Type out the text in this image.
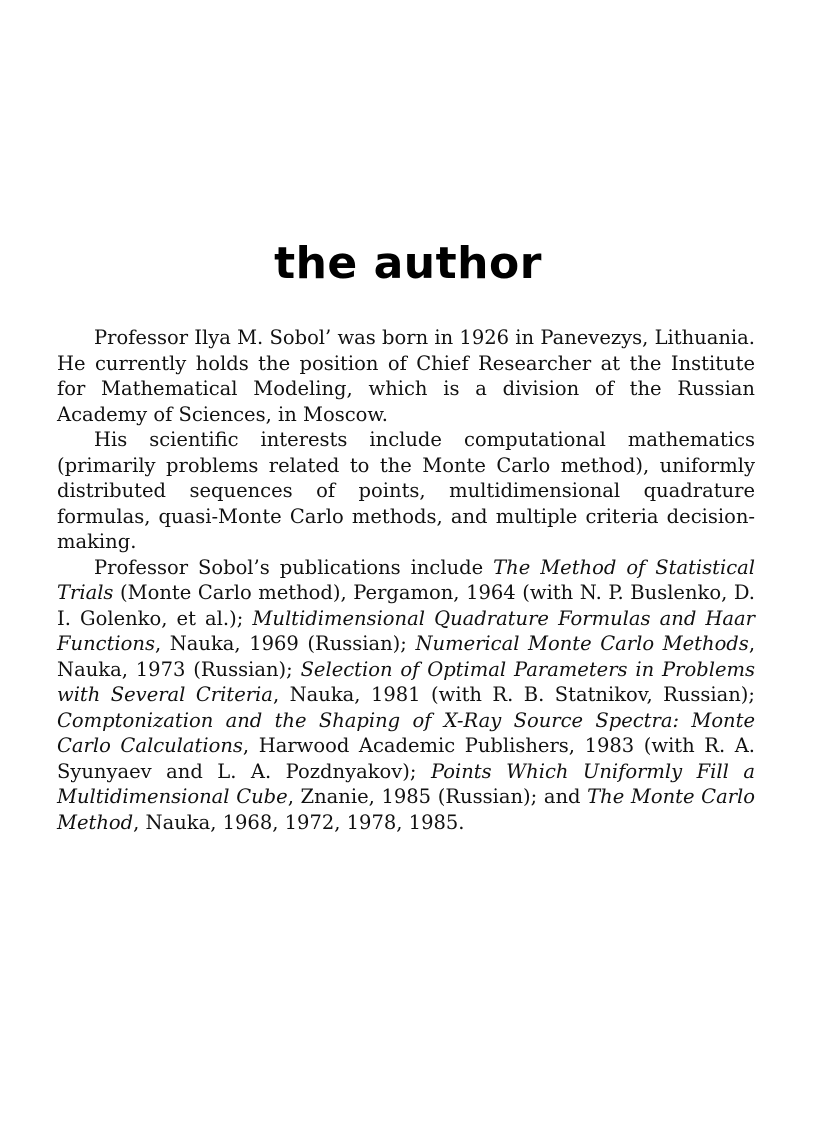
the author

Professor Ilya M. Sobol’ was born in 1926 in Panevezys, Lithuania. He currently holds the position of Chief Researcher at the Institute for Mathematical Modeling, which is a division of the Russian Academy of Sciences, in Moscow.

His scientific interests include computational mathematics (primarily problems related to the Monte Carlo method), uniformly distributed sequences of points, multidimensional quadrature formulas, quasi-Monte Carlo methods, and multiple criteria decision-making.

Professor Sobol’s publications include The Method of Statistical Trials (Monte Carlo method), Pergamon, 1964 (with N. P. Buslenko, D. I. Golenko, et al.); Multidimensional Quadrature Formulas and Haar Functions, Nauka, 1969 (Russian); Numerical Monte Carlo Methods, Nauka, 1973 (Russian); Selection of Optimal Parameters in Problems with Several Criteria, Nauka, 1981 (with R. B. Statnikov, Russian); Comptonization and the Shaping of X-Ray Source Spectra: Monte Carlo Calculations, Harwood Academic Publishers, 1983 (with R. A. Syunyaev and L. A. Pozdnyakov); Points Which Uniformly Fill a Multidimensional Cube, Znanie, 1985 (Russian); and The Monte Carlo Method, Nauka, 1968, 1972, 1978, 1985.
